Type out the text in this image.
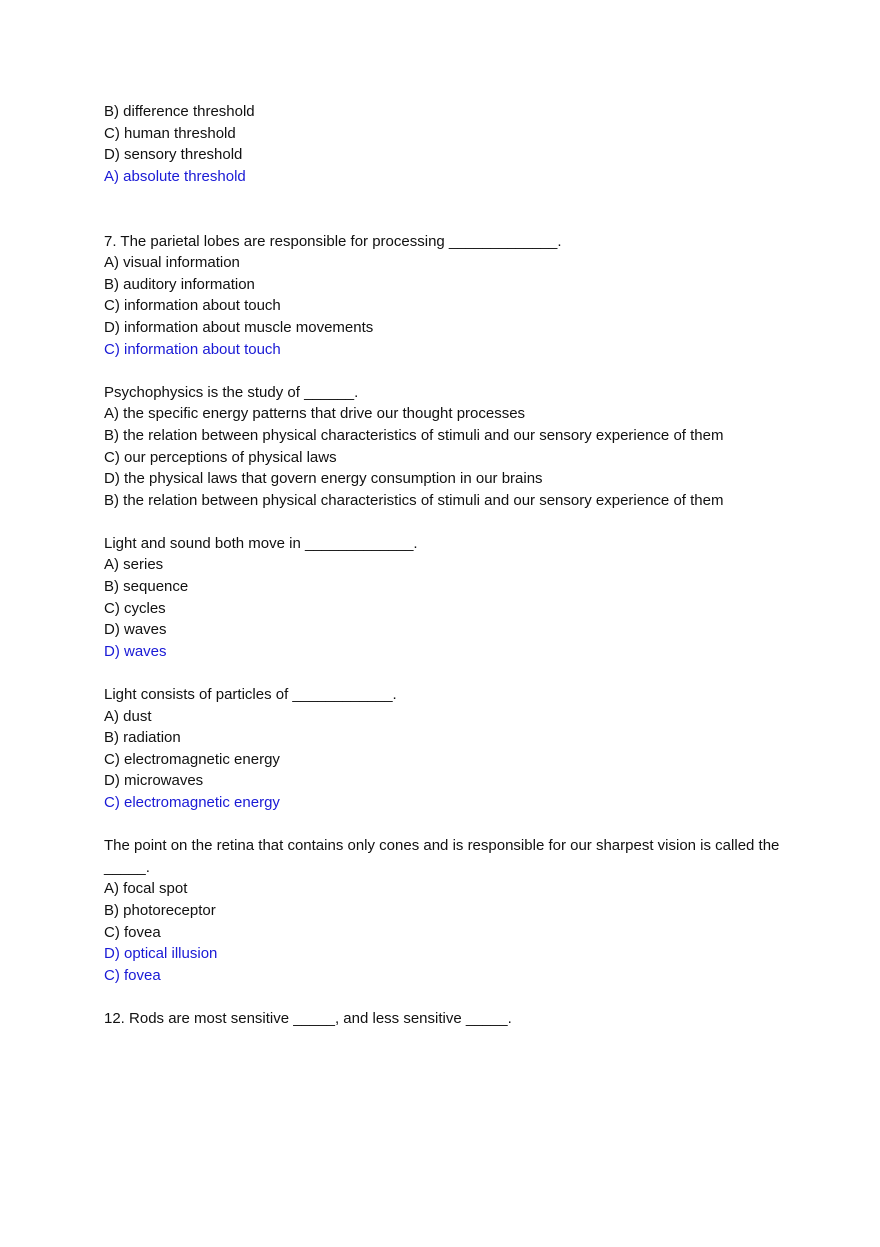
B) difference threshold
C) human threshold
D) sensory threshold
A) absolute threshold
7. The parietal lobes are responsible for processing _____________.
A) visual information
B) auditory information
C) information about touch
D) information about muscle movements
C) information about touch
Psychophysics is the study of ______.
A) the specific energy patterns that drive our thought processes
B) the relation between physical characteristics of stimuli and our sensory experience of them
C) our perceptions of physical laws
D) the physical laws that govern energy consumption in our brains
B) the relation between physical characteristics of stimuli and our sensory experience of them
Light and sound both move in _____________.
A) series
B) sequence
C) cycles
D) waves
D) waves
Light consists of particles of ____________.
A) dust
B) radiation
C) electromagnetic energy
D) microwaves
C) electromagnetic energy
The point on the retina that contains only cones and is responsible for our sharpest vision is called the _____.
A) focal spot
B) photoreceptor
C) fovea
D) optical illusion
C) fovea
12. Rods are most sensitive _____, and less sensitive _____.
